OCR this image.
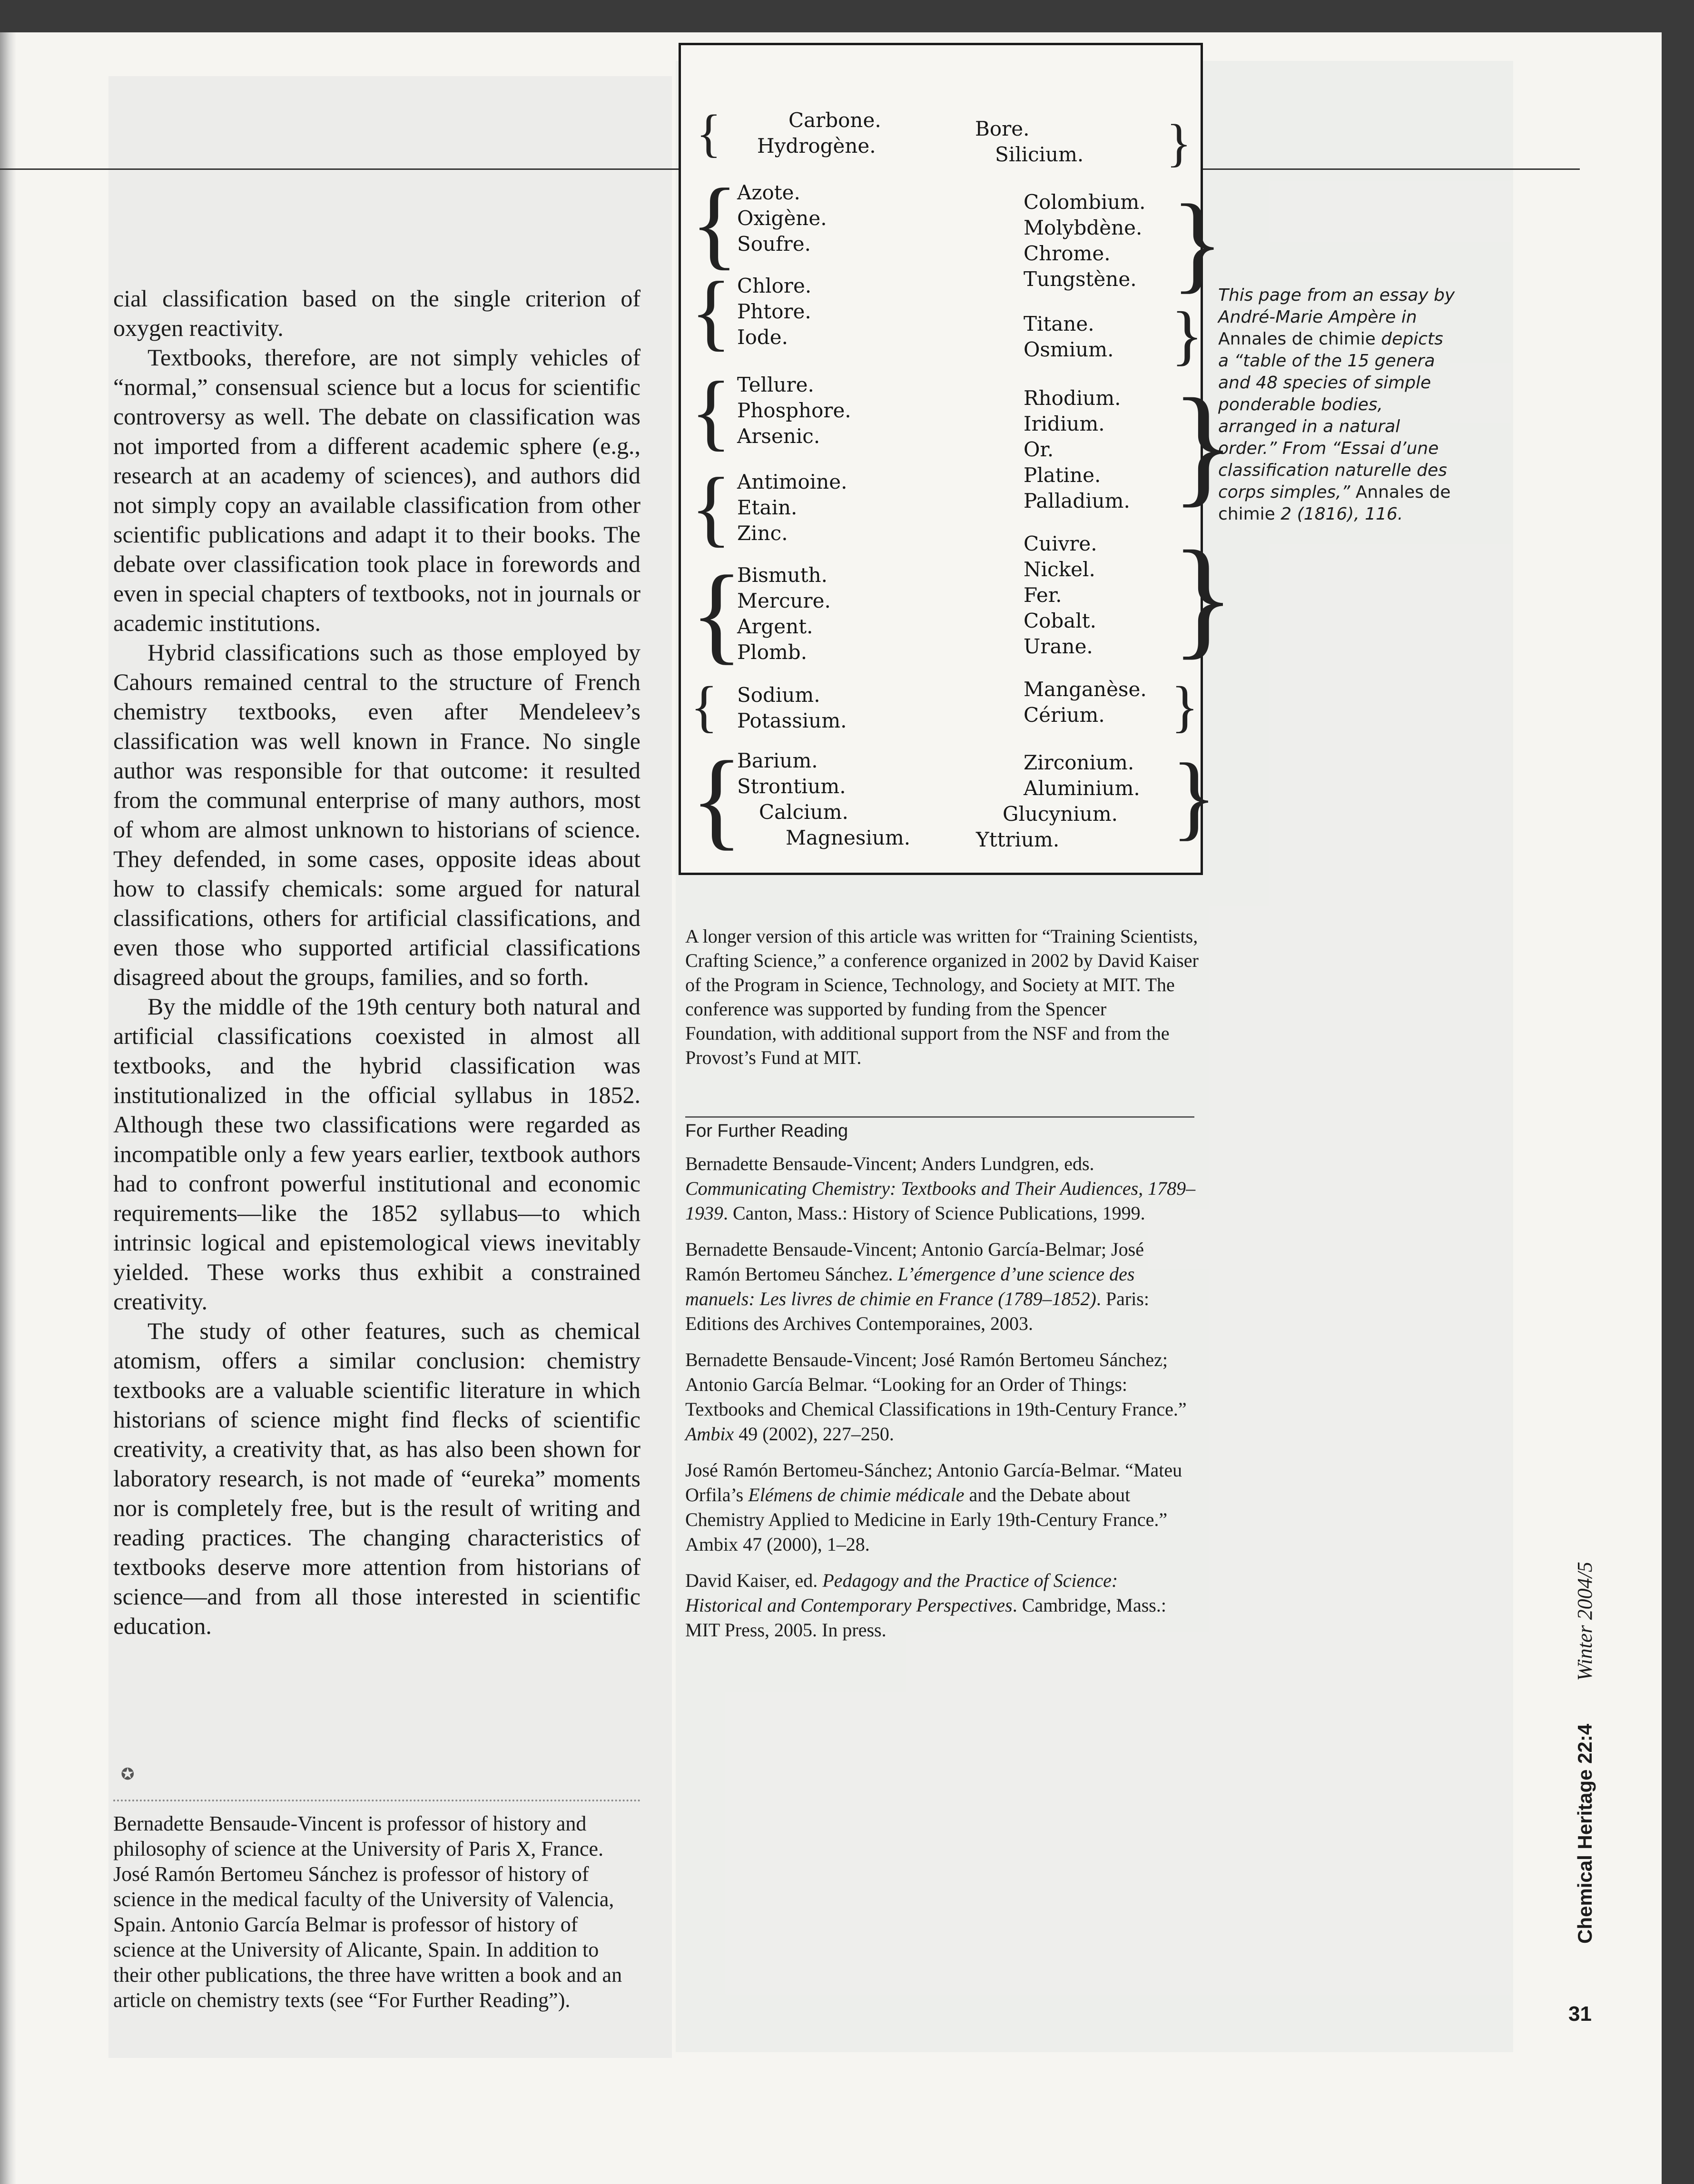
cial classification based on the single criterion of oxygen reactivity.

Textbooks, therefore, are not simply vehicles of “normal,” consensual science but a locus for scientific controversy as well. The debate on classification was not imported from a different academic sphere (e.g., research at an academy of sciences), and authors did not simply copy an available classification from other scientific publications and adapt it to their books. The debate over classification took place in forewords and even in special chapters of textbooks, not in journals or academic institutions.

Hybrid classifications such as those employed by Cahours remained central to the structure of French chemistry textbooks, even after Mendeleev’s classification was well known in France. No single author was responsible for that outcome: it resulted from the communal enterprise of many authors, most of whom are almost unknown to historians of science. They defended, in some cases, opposite ideas about how to classify chemicals: some argued for natural classifications, others for artificial classifications, and even those who supported artificial classifications disagreed about the groups, families, and so forth.

By the middle of the 19th century both natural and artificial classifications coexisted in almost all textbooks, and the hybrid classification was institutionalized in the official syllabus in 1852. Although these two classifications were regarded as incompatible only a few years earlier, textbook authors had to confront powerful institutional and economic requirements—like the 1852 syllabus—to which intrinsic logical and epistemological views inevitably yielded. These works thus exhibit a constrained creativity.

The study of other features, such as chemical atomism, offers a similar conclusion: chemistry textbooks are a valuable scientific literature in which historians of science might find flecks of scientific creativity, a creativity that, as has also been shown for laboratory research, is not made of “eureka” moments nor is completely free, but is the result of writing and reading practices. The changing characteristics of textbooks deserve more attention from historians of science—and from all those interested in scientific education.

✪

Bernadette Bensaude-Vincent is professor of history and philosophy of science at the University of Paris X, France. José Ramón Bertomeu Sánchez is professor of history of science in the medical faculty of the University of Valencia, Spain. Antonio García Belmar is professor of history of science at the University of Alicante, Spain. In addition to their other publications, the three have written a book and an article on chemistry texts (see “For Further Reading”).

{	Carbone.
Hydrogène.
Bore.
Silicium. }
{
Azote.
Oxigène.
Soufre.
Colombium.
Molybdène.
Chrome.
Tungstène. }
{ Chlore.
Phtore.
Iode.
Titane.
Osmium. }
{ Tellure.
Phosphore.
Arsenic.
Rhodium.
Iridium.
Or.
Platine.
Palladium. }
{ Antimoine.
Etain.
Zinc.	Cuivre.
Nickel.
Fer.
Cobalt.
Urane. }
{
Bismuth.
Mercure.
Argent.
Plomb.
{ Sodium.
Potassium.
Manganèse.
Cérium. }
{
Barium.
Strontium.
Calcium.
Magnesium.
Zirconium.
Aluminium.
Glucynium.
Yttrium. }

This page from an essay by André-Marie Ampère in Annales de chimie depicts a “table of the 15 genera and 48 species of simple ponderable bodies, arranged in a natural order.” From “Essai d’une classification naturelle des corps simples,” Annales de chimie 2 (1816), 116.

A longer version of this article was written for “Training Scientists, Crafting Science,” a conference organized in 2002 by David Kaiser of the Program in Science, Technology, and Society at MIT. The conference was supported by funding from the Spencer Foundation, with additional support from the NSF and from the Provost’s Fund at MIT.

For Further Reading

Bernadette Bensaude-Vincent; Anders Lundgren, eds. Communicating Chemistry: Textbooks and Their Audiences, 1789–1939. Canton, Mass.: History of Science Publications, 1999.

Bernadette Bensaude-Vincent; Antonio García-Belmar; José Ramón Bertomeu Sánchez. L’émergence d’une science des manuels: Les livres de chimie en France (1789–1852). Paris: Editions des Archives Contemporaines, 2003.

Bernadette Bensaude-Vincent; José Ramón Bertomeu Sánchez; Antonio García Belmar. “Looking for an Order of Things: Textbooks and Chemical Classifications in 19th-Century France.” Ambix 49 (2002), 227–250.

José Ramón Bertomeu-Sánchez; Antonio García-Belmar. “Mateu Orfila’s Elémens de chimie médicale and the Debate about Chemistry Applied to Medicine in Early 19th-Century France.” Ambix 47 (2000), 1–28.

David Kaiser, ed. Pedagogy and the Practice of Science: Historical and Contemporary Perspectives. Cambridge, Mass.: MIT Press, 2005. In press.

Chemical Heritage 22:4Winter 2004/5
31
